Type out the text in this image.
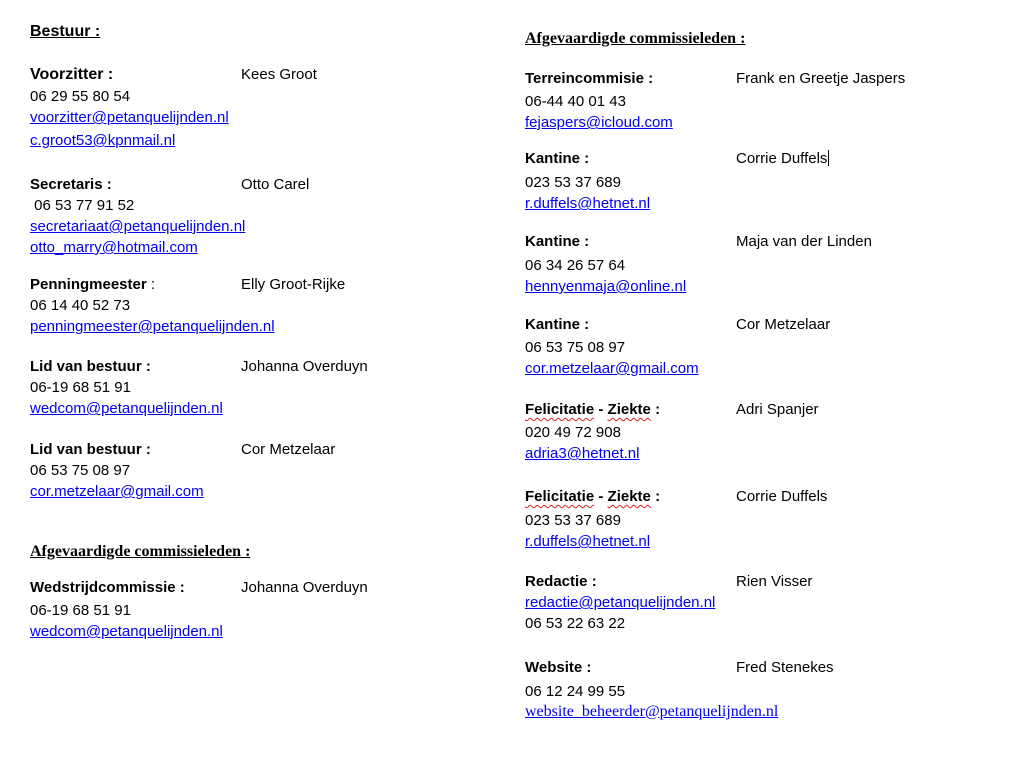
Bestuur :
Voorzitter :	Kees Groot
06 29 55 80 54
voorzitter@petanquelijnden.nl
c.groot53@kpnmail.nl
Secretaris :	Otto Carel
06 53 77 91 52
secretariaat@petanquelijnden.nl
otto_marry@hotmail.com
Penningmeester :	Elly Groot-Rijke
06 14 40 52 73
penningmeester@petanquelijnden.nl
Lid van bestuur :	Johanna Overduyn
06-19 68 51 91
wedcom@petanquelijnden.nl
Lid van bestuur :	Cor Metzelaar
06 53 75 08 97
cor.metzelaar@gmail.com
Afgevaardigde commissieleden :
Wedstrijdcommissie :	Johanna Overduyn
06-19 68 51 91
wedcom@petanquelijnden.nl
Afgevaardigde commissieleden :
Terreincommisie :	Frank en Greetje Jaspers
06-44 40 01 43
fejaspers@icloud.com
Kantine :	Corrie Duffels
023 53 37 689
r.duffels@hetnet.nl
Kantine :	Maja van der Linden
06 34 26 57 64
hennyenmaja@online.nl
Kantine :	Cor Metzelaar
06 53 75 08 97
cor.metzelaar@gmail.com
Felicitatie - Ziekte :	Adri Spanjer
020 49 72 908
adria3@hetnet.nl
Felicitatie - Ziekte :	Corrie Duffels
023 53 37 689
r.duffels@hetnet.nl
Redactie :	Rien Visser
redactie@petanquelijnden.nl
06 53 22 63 22
Website :	Fred Stenekes
06 12 24 99 55
website_beheerder@petanquelijnden.nl
